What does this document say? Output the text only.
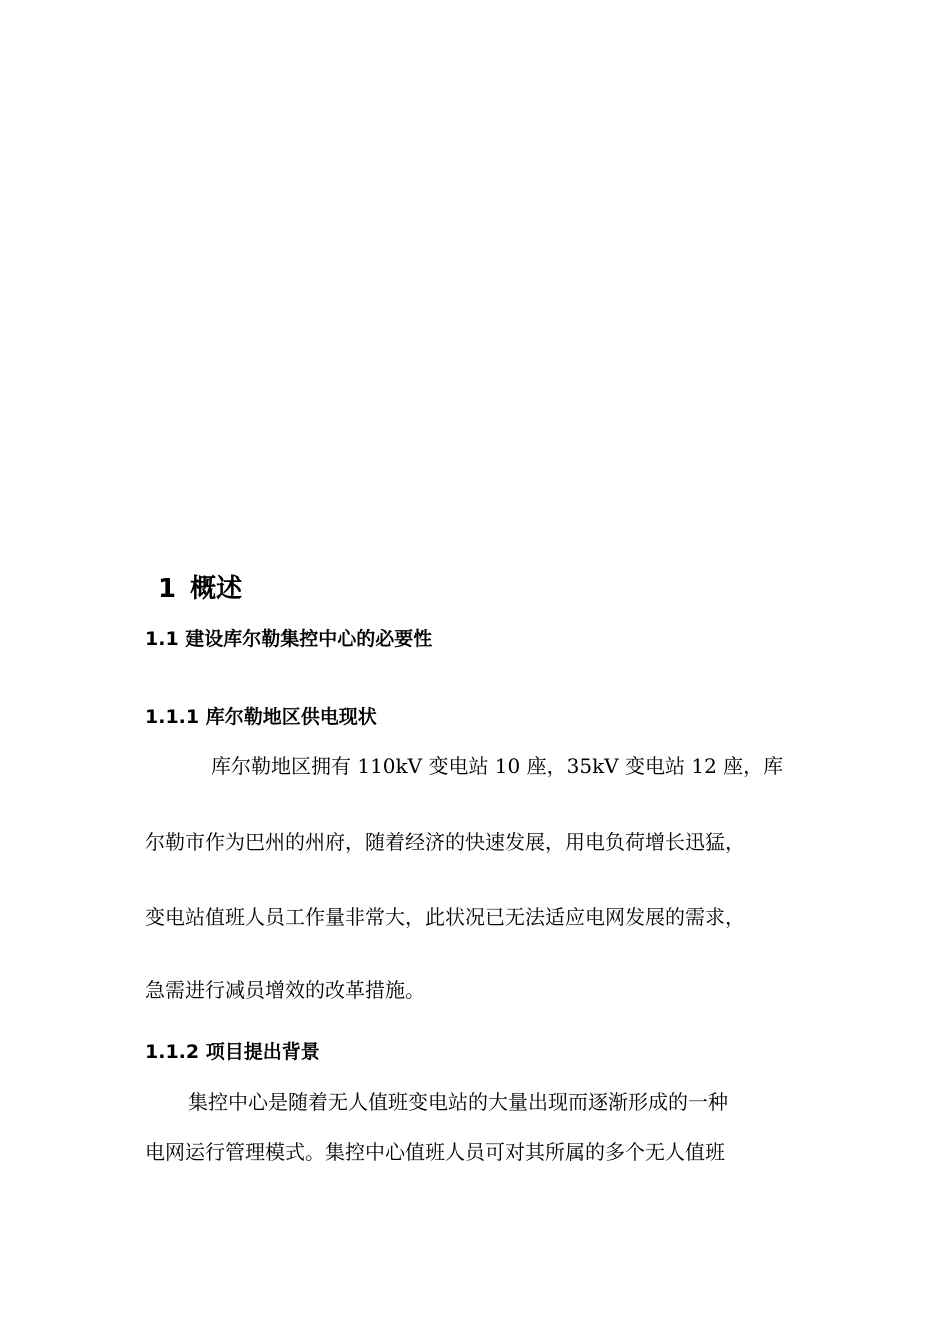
1 概述
1.1 建设库尔勒集控中心的必要性
1.1.1 库尔勒地区供电现状
库尔勒地区拥有 110kV 变电站 10 座，35kV 变电站 12 座，库
尔勒市作为巴州的州府，随着经济的快速发展，用电负荷增长迅猛，
变电站值班人员工作量非常大，此状况已无法适应电网发展的需求，
急需进行减员增效的改革措施。
1.1.2 项目提出背景
集控中心是随着无人值班变电站的大量出现而逐渐形成的一种
电网运行管理模式。集控中心值班人员可对其所属的多个无人值班
